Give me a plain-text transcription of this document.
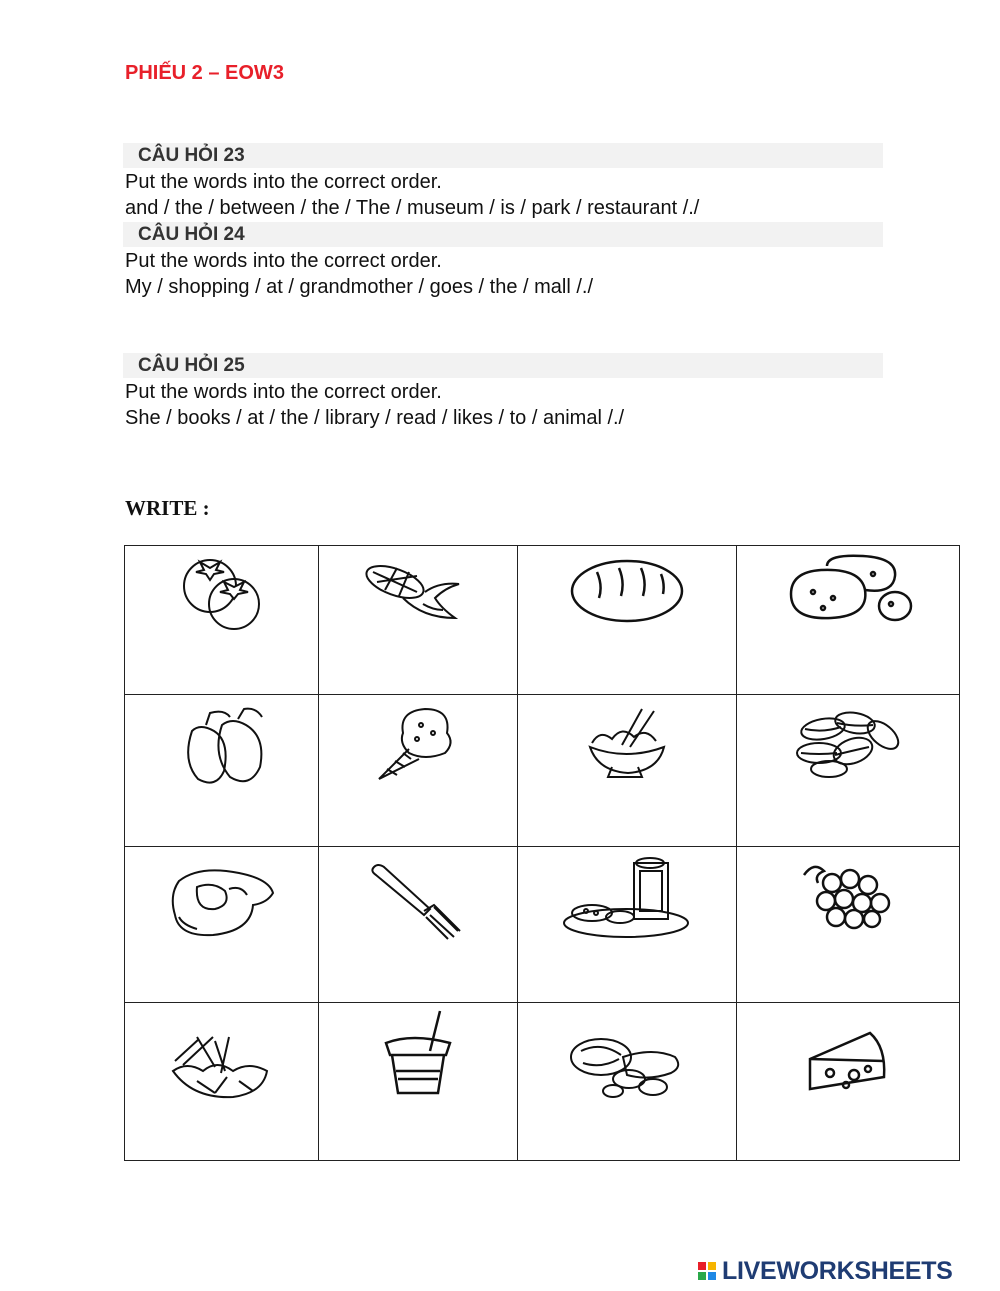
PHIẾU 2 – EOW3
CÂU HỎI 23
Put the words into the correct order.
and / the / between / the / The / museum / is / park / restaurant /./
CÂU HỎI 24
Put the words into the correct order.
My / shopping / at / grandmother / goes / the / mall /./
CÂU HỎI 25
Put the words into the correct order.
She / books / at / the / library / read / likes / to / animal /./
WRITE :

LIVEWORKSHEETS
